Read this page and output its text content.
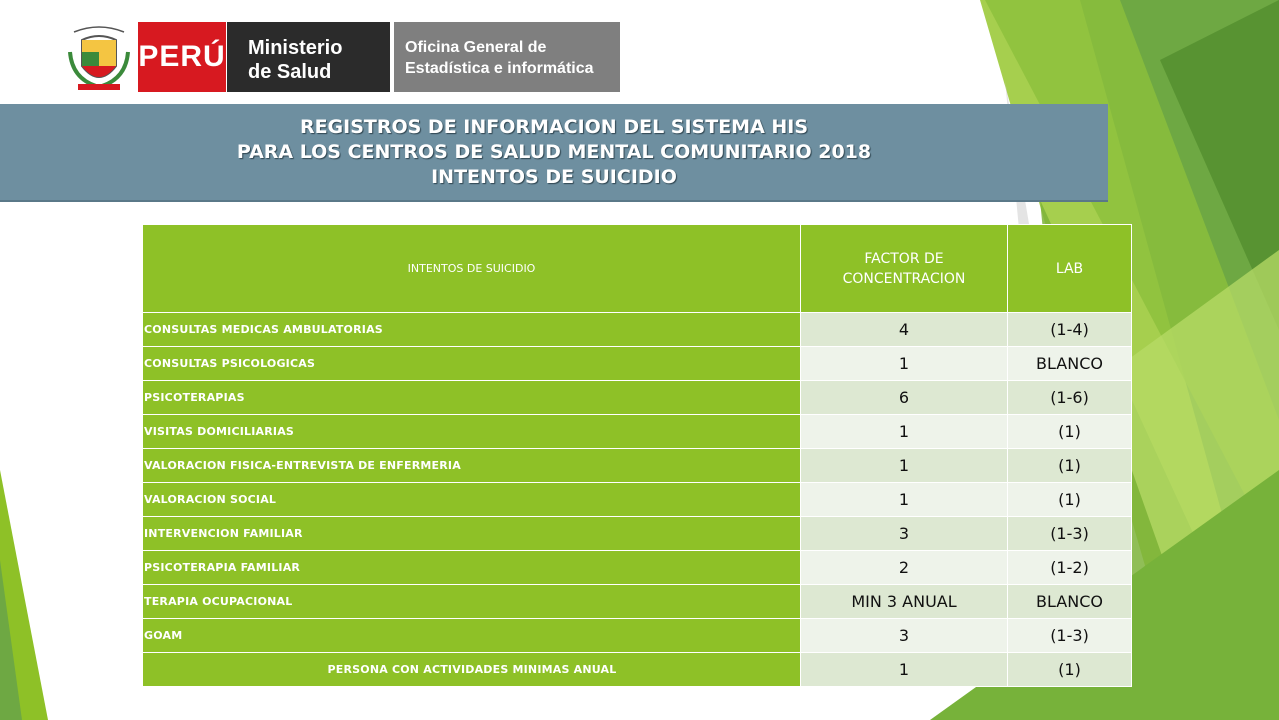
PERÚ Ministerio
de Salud
Oficina General de
Estadística e informática
REGISTROS DE INFORMACION DEL SISTEMA HIS
PARA LOS CENTROS DE SALUD MENTAL COMUNITARIO 2018
INTENTOS DE SUICIDIO
INTENTOS DE SUICIDIO	FACTOR DE CONCENTRACION	LAB
CONSULTAS MEDICAS AMBULATORIAS	4	(1-4)
CONSULTAS PSICOLOGICAS	1	BLANCO
PSICOTERAPIAS	6	(1-6)
VISITAS DOMICILIARIAS	1	(1)
VALORACION FISICA-ENTREVISTA DE ENFERMERIA	1	(1)
VALORACION SOCIAL	1	(1)
INTERVENCION FAMILIAR	3	(1-3)
PSICOTERAPIA FAMILIAR	2	(1-2)
TERAPIA OCUPACIONAL	MIN 3 ANUAL	BLANCO
GOAM	3	(1-3)
PERSONA CON ACTIVIDADES MINIMAS ANUAL	1	(1)
